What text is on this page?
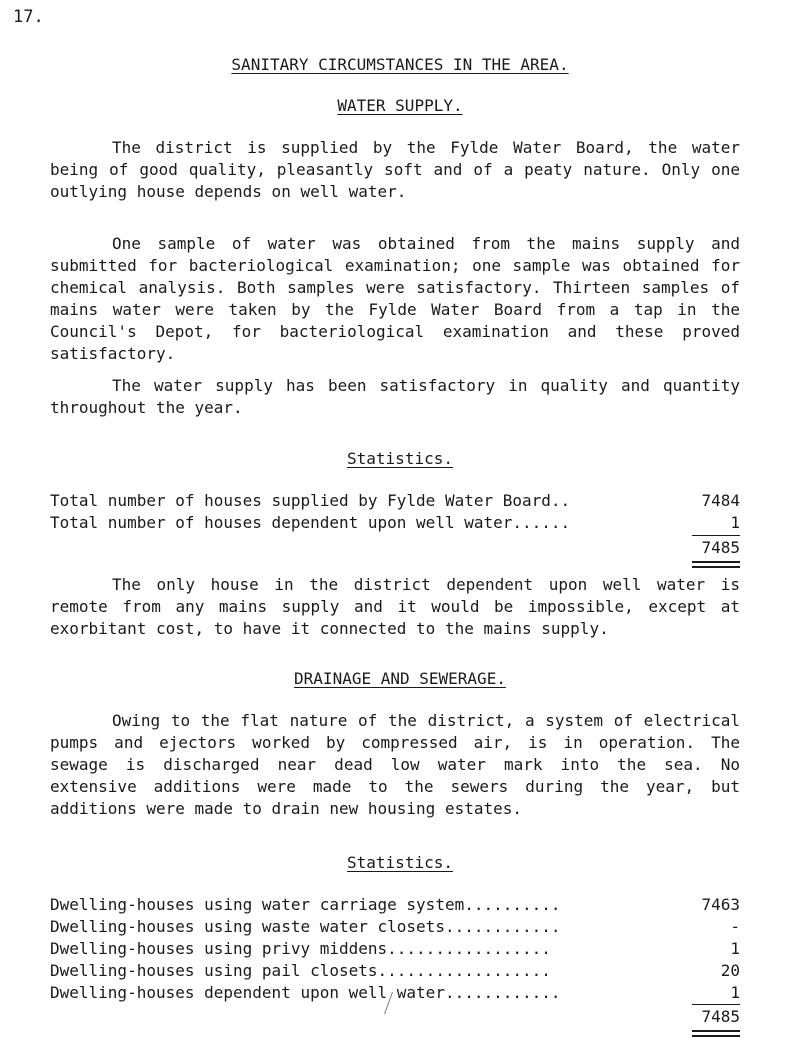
17.
SANITARY CIRCUMSTANCES IN THE AREA.
WATER SUPPLY.

The district is supplied by the Fylde Water Board, the water being of good quality, pleasantly soft and of a peaty nature. Only one outlying house depends on well water.

One sample of water was obtained from the mains supply and submitted for bacteriological examination; one sample was obtained for chemical analysis. Both samples were satisfactory. Thirteen samples of mains water were taken by the Fylde Water Board from a tap in the Council's Depot, for bacteriological examination and these proved satisfactory.

The water supply has been satisfactory in quality and quantity throughout the year.

Statistics.
Total number of houses supplied by Fylde Water Board..	7484
Total number of houses dependent upon well water......	1
7485

The only house in the district dependent upon well water is remote from any mains supply and it would be impossible, except at exorbitant cost, to have it connected to the mains supply.

DRAINAGE AND SEWERAGE.

Owing to the flat nature of the district, a system of electrical pumps and ejectors worked by compressed air, is in operation. The sewage is discharged near dead low water mark into the sea. No extensive additions were made to the sewers during the year, but additions were made to drain new housing estates.

Statistics.
Dwelling-houses using water carriage system..........	7463
Dwelling-houses using waste water closets............	-
Dwelling-houses using privy middens.................	1
Dwelling-houses using pail closets..................	20
Dwelling-houses dependent upon well water............	1
7485
